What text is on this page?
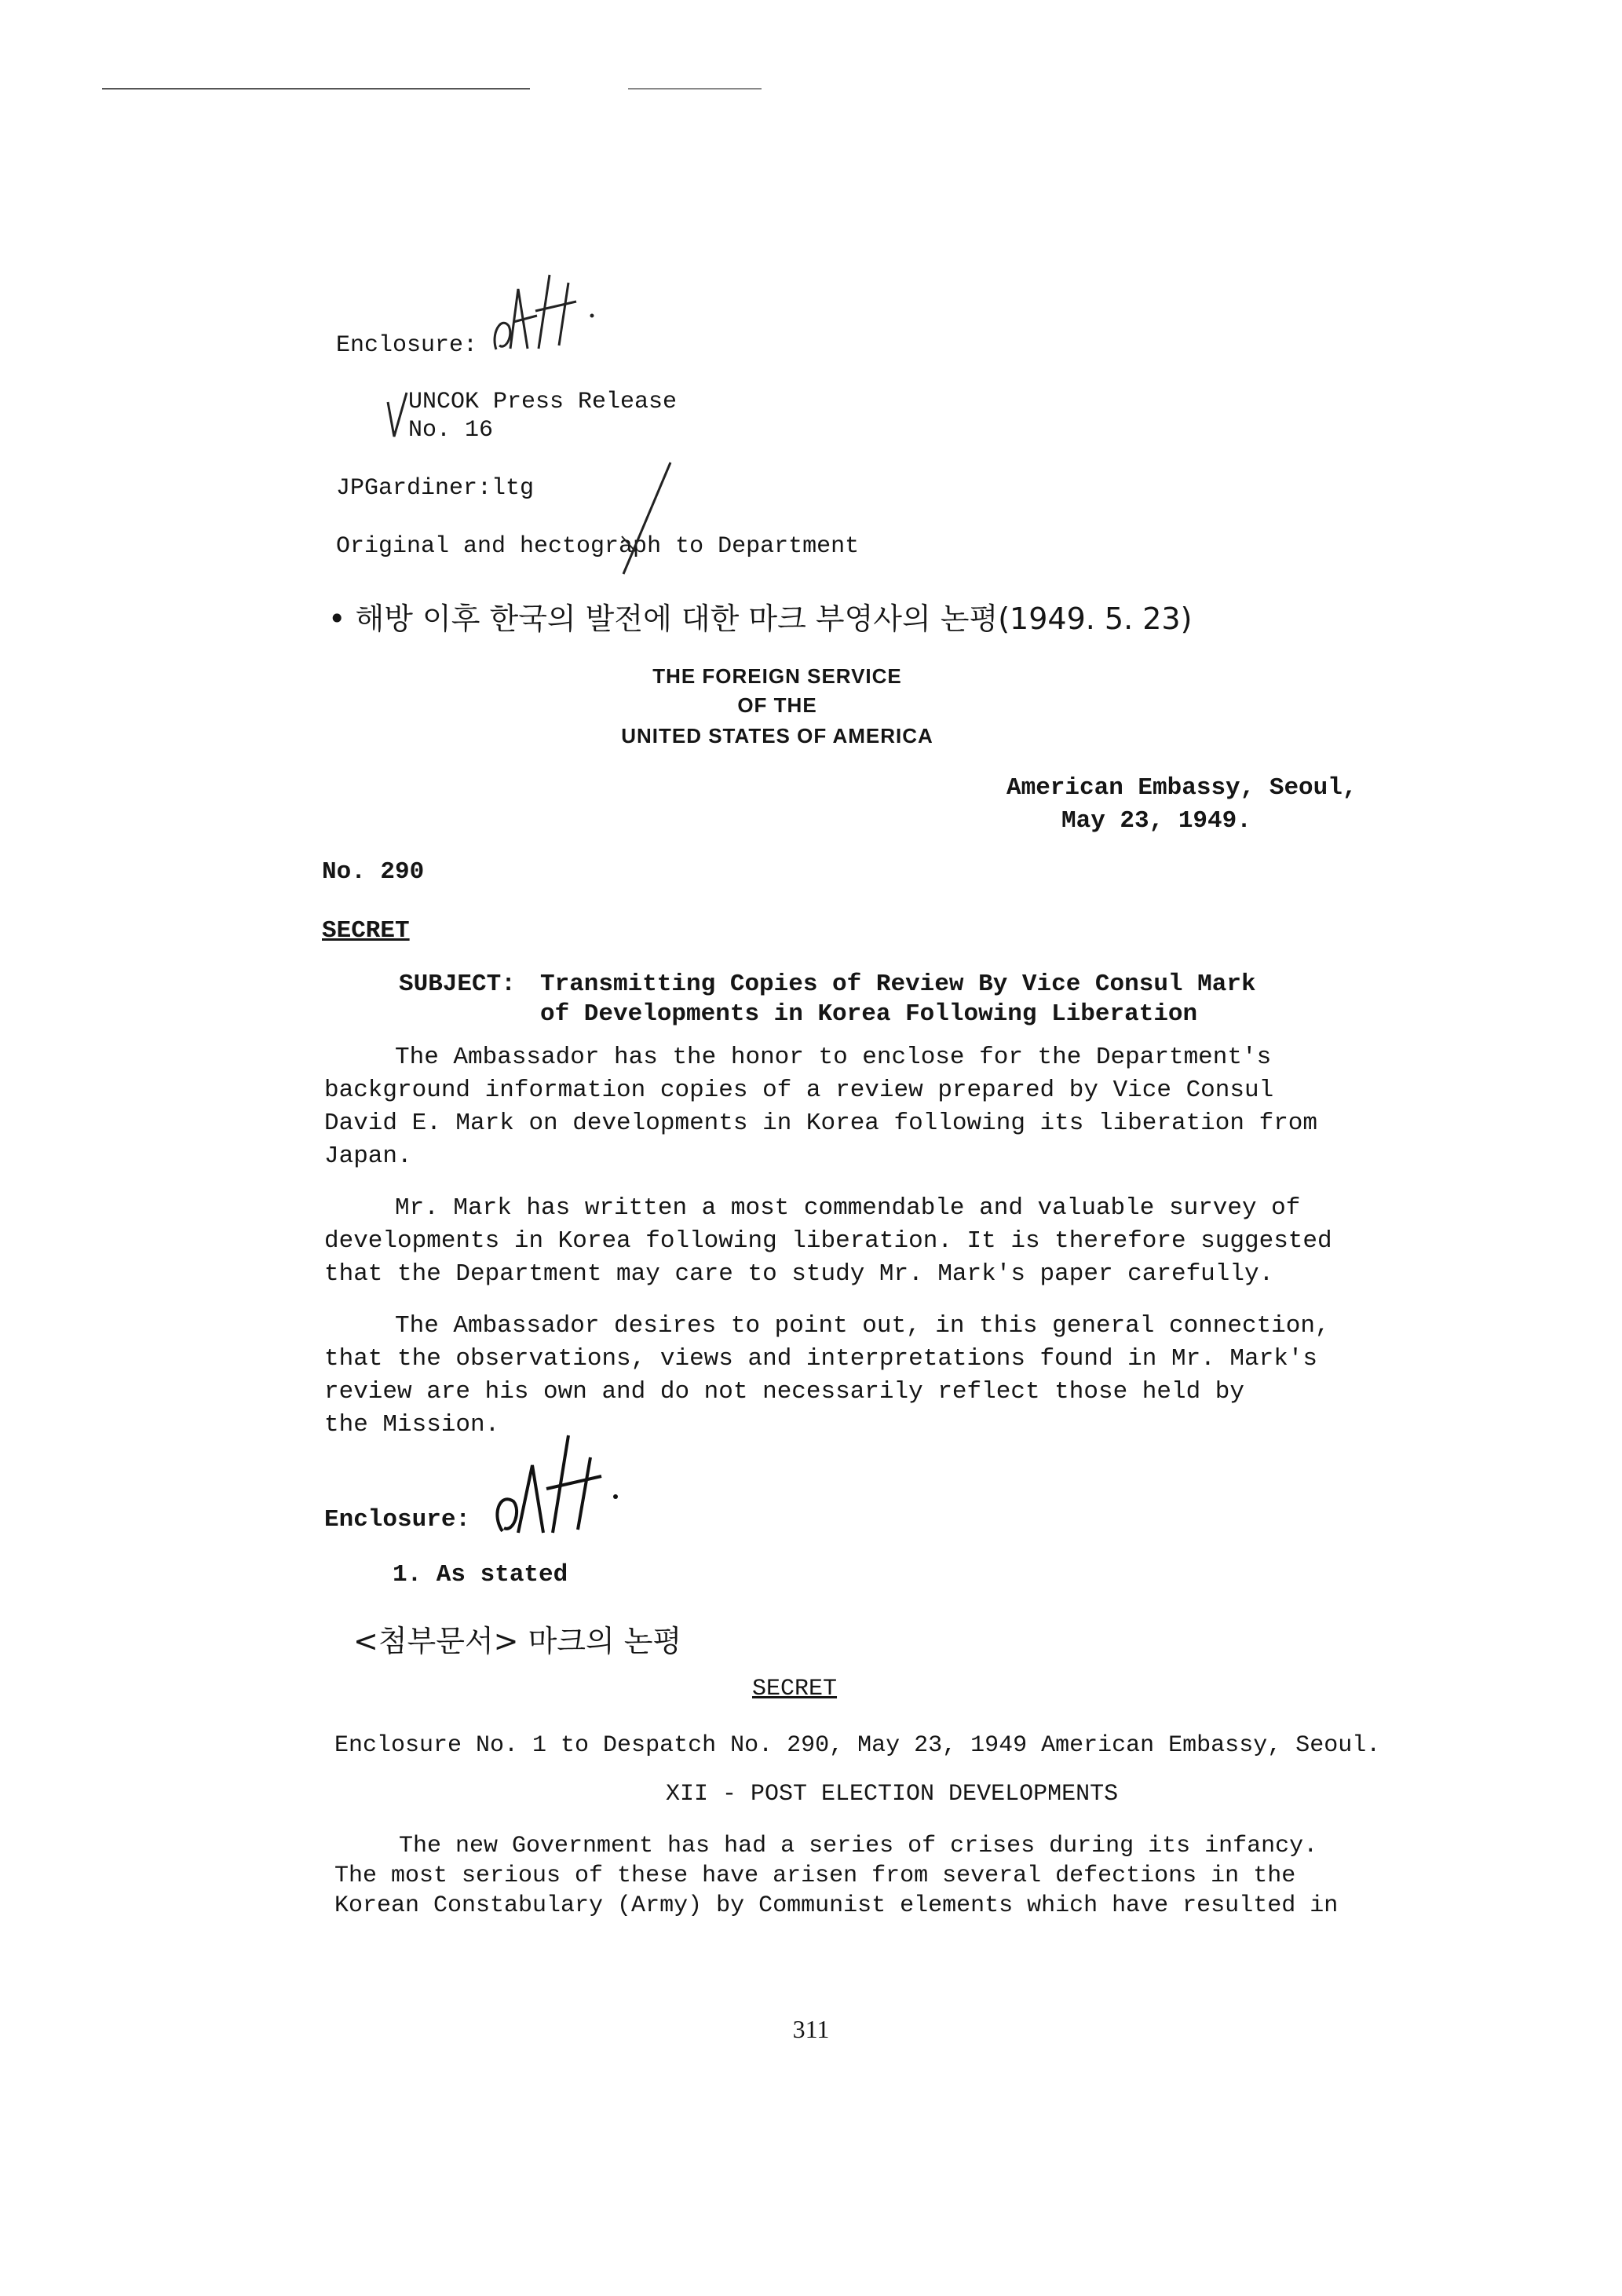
Enclosure:
UNCOK Press Release
No. 16
JPGardiner:ltg
Original and hectograph to Department
• 해방 이후 한국의 발전에 대한 마크 부영사의 논평(1949. 5. 23)
THE FOREIGN SERVICE
OF THE
UNITED STATES OF AMERICA
American Embassy, Seoul,
May 23, 1949.
No. 290
SECRET
SUBJECT: Transmitting Copies of Review By Vice Consul Mark
of Developments in Korea Following Liberation
The Ambassador has the honor to enclose for the Department's
background information copies of a review prepared by Vice Consul
David E. Mark on developments in Korea following its liberation from
Japan.
Mr. Mark has written a most commendable and valuable survey of
developments in Korea following liberation. It is therefore suggested
that the Department may care to study Mr. Mark's paper carefully.
The Ambassador desires to point out, in this general connection,
that the observations, views and interpretations found in Mr. Mark's
review are his own and do not necessarily reflect those held by
the Mission.
Enclosure:
1. As stated
<첨부문서> 마크의 논평
SECRET
Enclosure No. 1 to Despatch No. 290, May 23, 1949 American Embassy, Seoul.
XII - POST ELECTION DEVELOPMENTS
The new Government has had a series of crises during its infancy.
The most serious of these have arisen from several defections in the
Korean Constabulary (Army) by Communist elements which have resulted in
311
